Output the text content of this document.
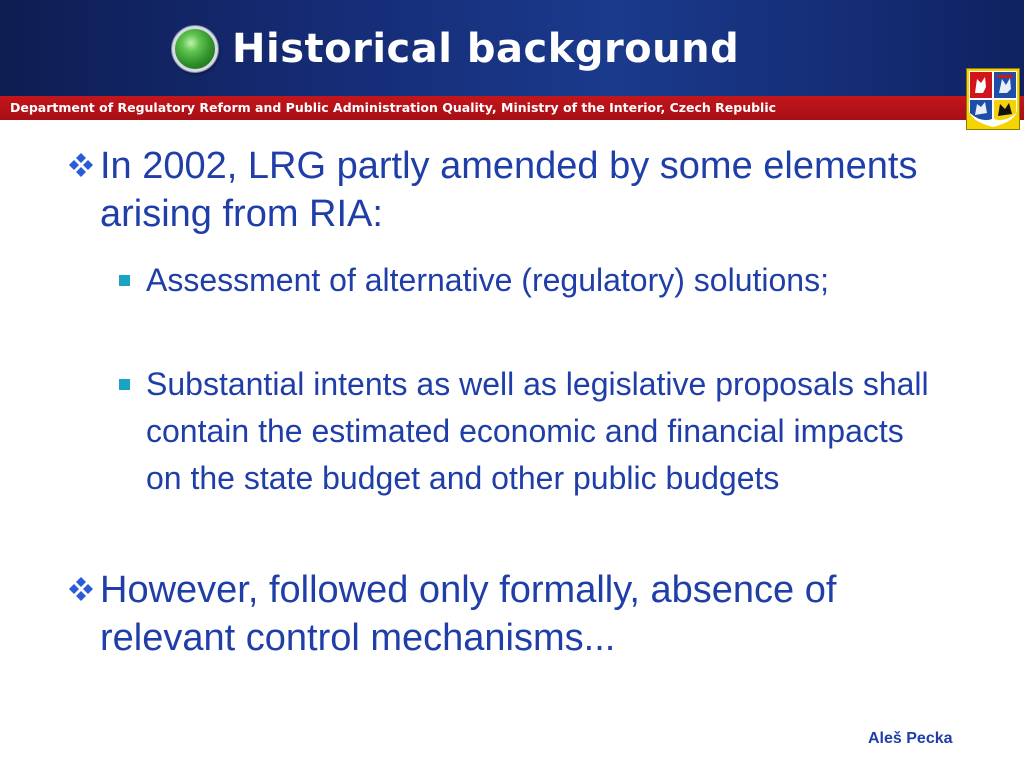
Historical background
Department of Regulatory Reform and Public Administration Quality, Ministry of the Interior, Czech Republic
In 2002, LRG partly amended by some elements arising from RIA:
Assessment of alternative (regulatory) solutions;
Substantial intents as well as legislative proposals shall contain the estimated economic and financial impacts on the state budget and other public budgets
However, followed only formally, absence of relevant control mechanisms...
Aleš Pecka
